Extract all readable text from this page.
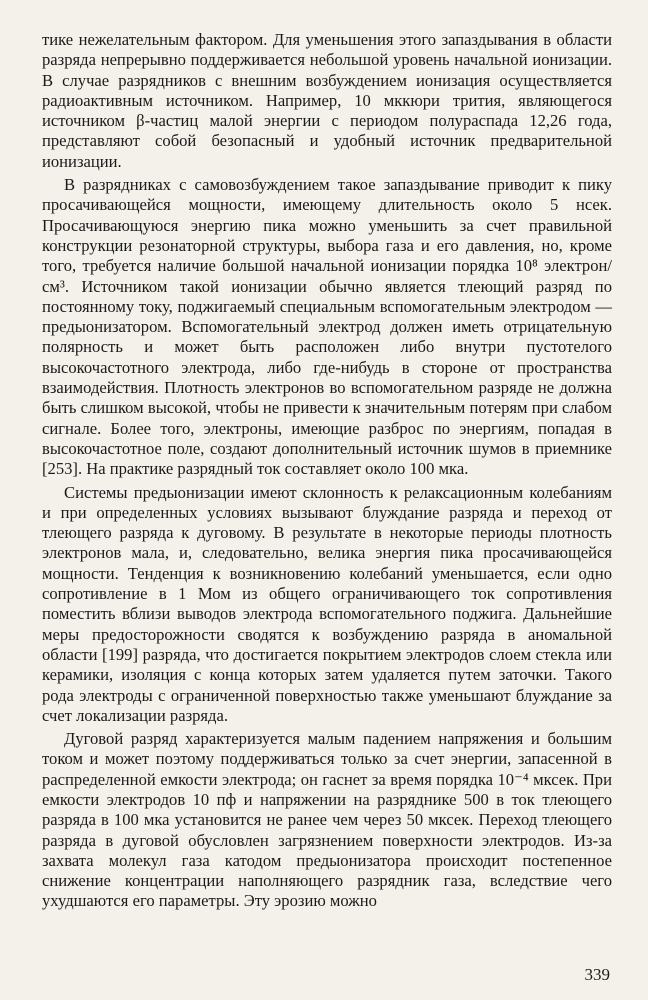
тике нежелательным фактором. Для уменьшения этого запаздывания в области разряда непрерывно поддерживается небольшой уровень начальной ионизации. В случае разрядников с внешним возбуждением ионизация осуществляется радиоактивным источником. Например, 10 мккюри трития, являющегося источником β-частиц малой энергии с периодом полураспада 12,26 года, представляют собой безопасный и удобный источник предварительной ионизации.

В разрядниках с самовозбуждением такое запаздывание приводит к пику просачивающейся мощности, имеющему длительность около 5 нсек. Просачивающуюся энергию пика можно уменьшить за счет правильной конструкции резонаторной структуры, выбора газа и его давления, но, кроме того, требуется наличие большой начальной ионизации порядка 10⁸ электрон/см³. Источником такой ионизации обычно является тлеющий разряд по постоянному току, поджигаемый специальным вспомогательным электродом — предыонизатором. Вспомогательный электрод должен иметь отрицательную полярность и может быть расположен либо внутри пустотелого высокочастотного электрода, либо где-нибудь в стороне от пространства взаимодействия. Плотность электронов во вспомогательном разряде не должна быть слишком высокой, чтобы не привести к значительным потерям при слабом сигнале. Более того, электроны, имеющие разброс по энергиям, попадая в высокочастотное поле, создают дополнительный источник шумов в приемнике [253]. На практике разрядный ток составляет около 100 мка.

Системы предыонизации имеют склонность к релаксационным колебаниям и при определенных условиях вызывают блуждание разряда и переход от тлеющего разряда к дуговому. В результате в некоторые периоды плотность электронов мала, и, следовательно, велика энергия пика просачивающейся мощности. Тенденция к возникновению колебаний уменьшается, если одно сопротивление в 1 Мом из общего ограничивающего ток сопротивления поместить вблизи выводов электрода вспомогательного поджига. Дальнейшие меры предосторожности сводятся к возбуждению разряда в аномальной области [199] разряда, что достигается покрытием электродов слоем стекла или керамики, изоляция с конца которых затем удаляется путем заточки. Такого рода электроды с ограниченной поверхностью также уменьшают блуждание за счет локализации разряда.

Дуговой разряд характеризуется малым падением напряжения и большим током и может поэтому поддерживаться только за счет энергии, запасенной в распределенной емкости электрода; он гаснет за время порядка 10⁻⁴ мксек. При емкости электродов 10 пф и напряжении на разряднике 500 в ток тлеющего разряда в 100 мка установится не ранее чем через 50 мксек. Переход тлеющего разряда в дуговой обусловлен загрязнением поверхности электродов. Из-за захвата молекул газа катодом предыонизатора происходит постепенное снижение концентрации наполняющего разрядник газа, вследствие чего ухудшаются его параметры. Эту эрозию можно

339
